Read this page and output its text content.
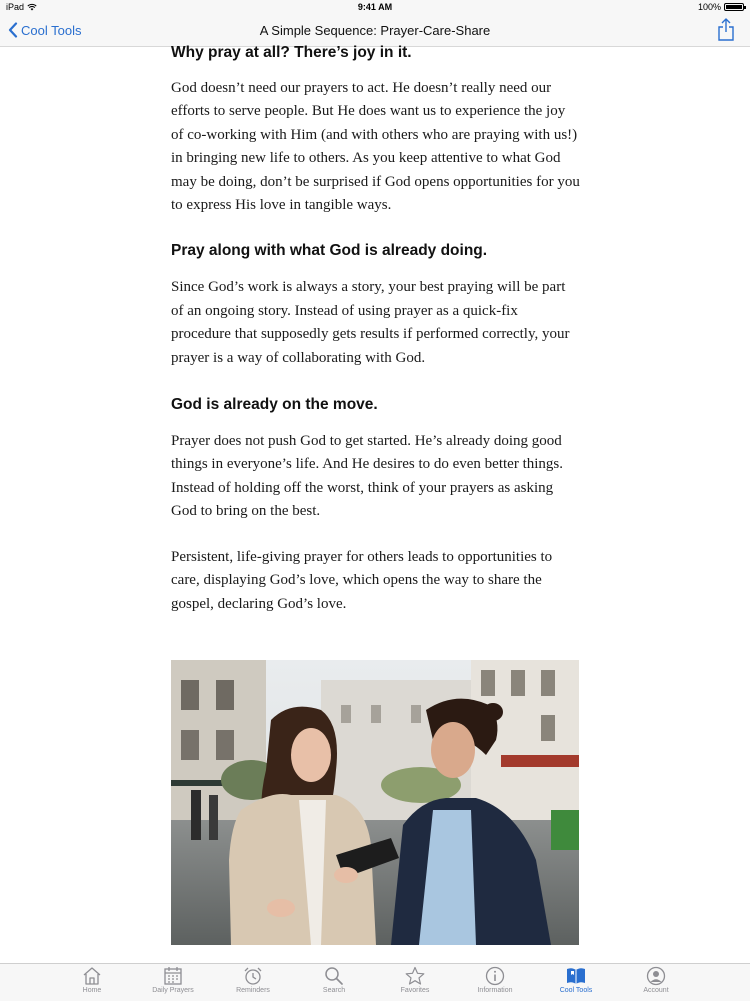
iPad	9:41 AM	100%
Cool Tools	A Simple Sequence: Prayer-Care-Share
Why pray at all? There’s joy in it.

God doesn’t need our prayers to act. He doesn’t really need our efforts to serve people. But He does want us to experience the joy of co-working with Him (and with others who are praying with us!) in bringing new life to others. As you keep attentive to what God may be doing, don’t be surprised if God opens opportunities for you to express His love in tangible ways.

Pray along with what God is already doing.

Since God’s work is always a story, your best praying will be part of an ongoing story. Instead of using prayer as a quick-fix procedure that supposedly gets results if performed correctly, your prayer is a way of collaborating with God.

God is already on the move.

Prayer does not push God to get started. He’s already doing good things in everyone’s life. And He desires to do even better things. Instead of holding off the worst, think of your prayers as asking God to bring on the best.

Persistent, life-giving prayer for others leads to opportunities to care, displaying God’s love, which opens the way to share the gospel, declaring God’s love.

Home	Daily Prayers	Reminders	Search	Favorites	Information	Cool Tools	Account
